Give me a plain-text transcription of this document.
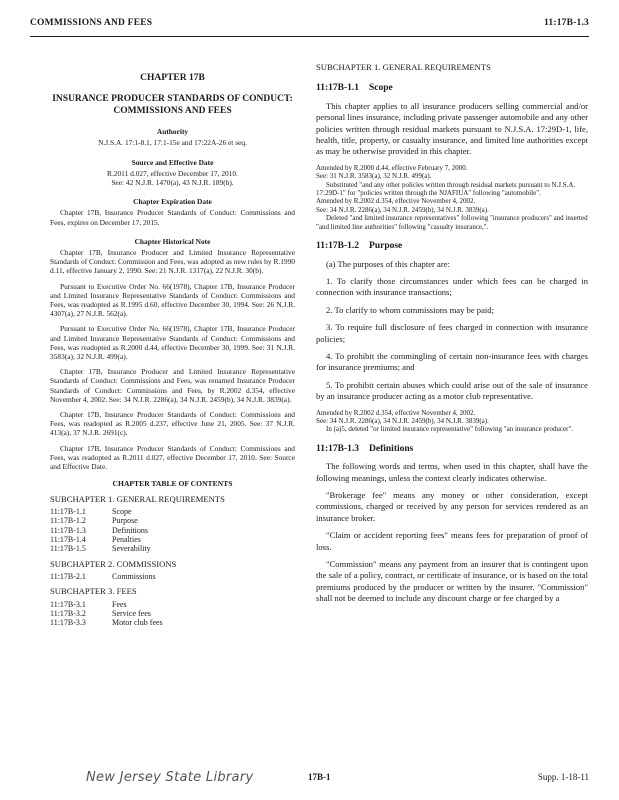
COMMISSIONS AND FEES	11:17B-1.3
CHAPTER 17B
INSURANCE PRODUCER STANDARDS OF CONDUCT: COMMISSIONS AND FEES
Authority
N.J.S.A. 17:1-8.1, 17:1-15e and 17:22A-26 et seq.
Source and Effective Date
R.2011 d.027, effective December 17, 2010.
See: 42 N.J.R. 1470(a), 43 N.J.R. 189(b).
Chapter Expiration Date

Chapter 17B, Insurance Producer Standards of Conduct: Commissions and Fees, expires on December 17, 2015.

Chapter Historical Note

Chapter 17B, Insurance Producer and Limited Insurance Representative Standards of Conduct: Commission and Fees, was adopted as new rules by R.1990 d.11, effective January 2, 1990. See: 21 N.J.R. 1317(a), 22 N.J.R. 30(b).

Pursuant to Executive Order No. 66(1978), Chapter 17B, Insurance Producer and Limited Insurance Representative Standards of Conduct: Commissions and Fees, was readopted as R.1995 d.60, effective December 30, 1994. See: 26 N.J.R. 4307(a), 27 N.J.R. 562(a).

Pursuant to Executive Order No. 66(1978), Chapter 17B, Insurance Producer and Limited Insurance Representative Standards of Conduct: Commissions and Fees, was readopted as R.2000 d.44, effective December 30, 1999. See: 31 N.J.R. 3583(a), 32 N.J.R. 499(a).

Chapter 17B, Insurance Producer and Limited Insurance Representative Standards of Conduct: Commissions and Fees, was renamed Insurance Producer Standards of Conduct: Commissions and Fees, by R.2002 d.354, effective November 4, 2002. See: 34 N.J.R. 2286(a), 34 N.J.R. 2459(b), 34 N.J.R. 3839(a).

Chapter 17B, Insurance Producer Standards of Conduct: Commissions and Fees, was readopted as R.2005 d.237, effective June 21, 2005. See: 37 N.J.R. 413(a), 37 N.J.R. 2691(c).

Chapter 17B, Insurance Producer Standards of Conduct: Commissions and Fees, was readopted as R.2011 d.027, effective December 17, 2010. See: Source and Effective Date.

CHAPTER TABLE OF CONTENTS
SUBCHAPTER 1. GENERAL REQUIREMENTS
11:17B-1.1	Scope
11:17B-1.2	Purpose
11:17B-1.3	Definitions
11:17B-1.4	Penalties
11:17B-1.5	Severability
SUBCHAPTER 2. COMMISSIONS
11:17B-2.1	Commissions
SUBCHAPTER 3. FEES
11:17B-3.1	Fees
11:17B-3.2	Service fees
11:17B-3.3	Motor club fees
SUBCHAPTER 1. GENERAL REQUIREMENTS
11:17B-1.1 Scope

This chapter applies to all insurance producers selling commercial and/or personal lines insurance, including private passenger automobile and any other policies written through residual markets pursuant to N.J.S.A. 17:29D-1, life, health, title, property, or casualty insurance, and limited line authorities except as may be otherwise provided in this chapter.

Amended by R.2000 d.44, effective February 7, 2000.
See: 31 N.J.R. 3583(a), 32 N.J.R. 499(a).
Substituted "and any other policies written through residual markets pursuant to N.J.S.A. 17:29D-1" for "policies written through the NJAFIUA" following "automobile".
Amended by R.2002 d.354, effective November 4, 2002.
See: 34 N.J.R. 2286(a), 34 N.J.R. 2459(b), 34 N.J.R. 3839(a).
Deleted "and limited insurance representatives" following "insurance producers" and inserted "and limited line authorities" following "casualty insurance,".
11:17B-1.2 Purpose

(a) The purposes of this chapter are:

1. To clarify those circumstances under which fees can be charged in connection with insurance transactions;

2. To clarify to whom commissions may be paid;

3. To require full disclosure of fees charged in connection with insurance policies;

4. To prohibit the commingling of certain non-insurance fees with charges for insurance premiums; and

5. To prohibit certain abuses which could arise out of the sale of insurance by an insurance producer acting as a motor club representative.

Amended by R.2002 d.354, effective November 4, 2002.
See: 34 N.J.R. 2286(a), 34 N.J.R. 2459(b), 34 N.J.R. 3839(a).
In (a)5, deleted "or limited insurance representative" following "an insurance producer".
11:17B-1.3 Definitions

The following words and terms, when used in this chapter, shall have the following meanings, unless the context clearly indicates otherwise.

"Brokerage fee" means any money or other consideration, except commissions, charged or received by any person for services rendered as an insurance broker.

"Claim or accident reporting fees" means fees for preparation of proof of loss.

"Commission" means any payment from an insurer that is contingent upon the sale of a policy, contract, or certificate of insurance, or is based on the total premiums produced by the producer or written by the insurer. "Commission" shall not be deemed to include any discount charge or fee charged by a

New Jersey State Library	17B-1	Supp. 1-18-11
